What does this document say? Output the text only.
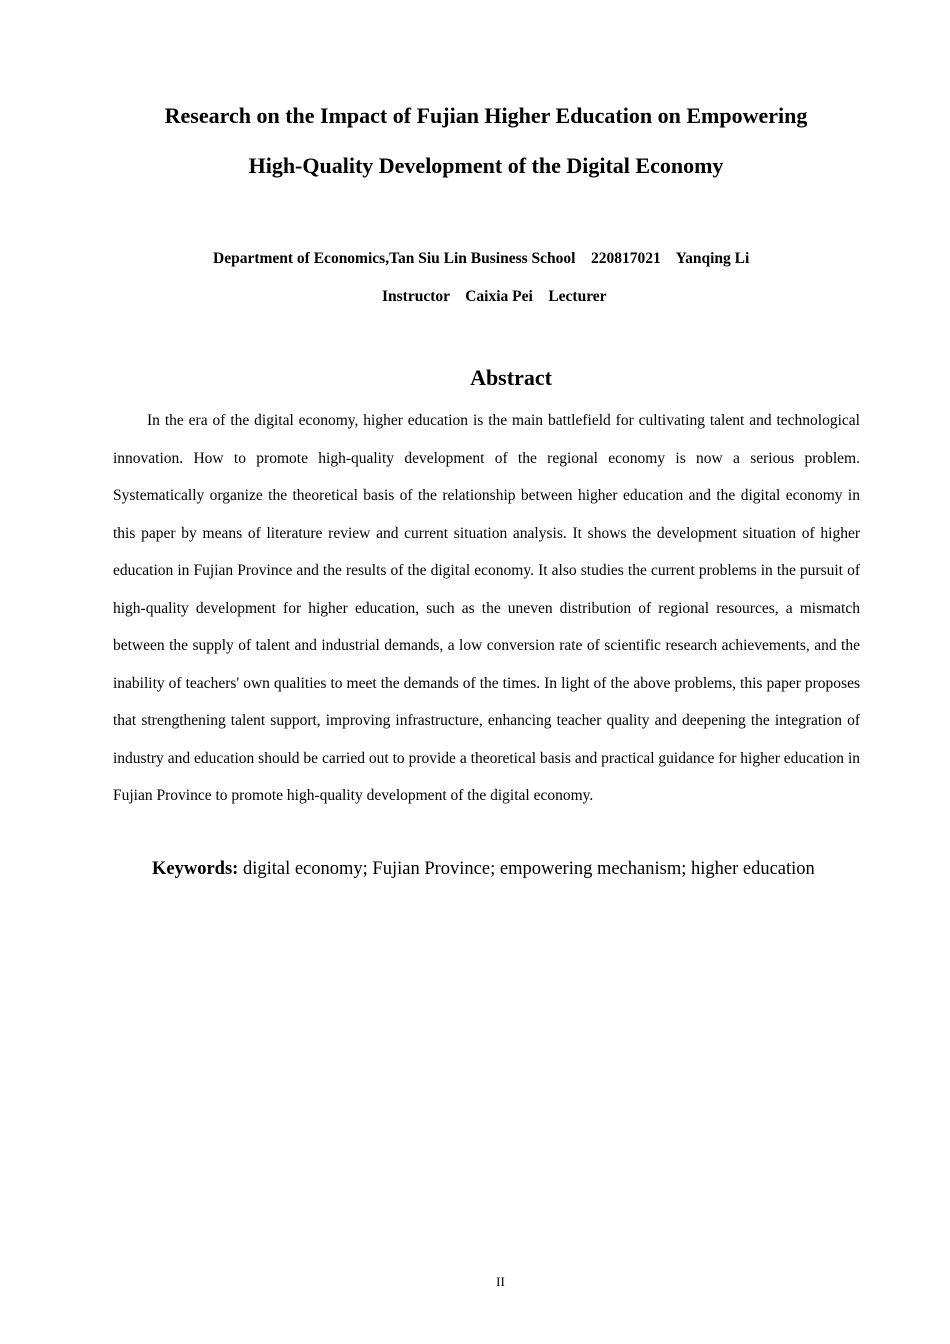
Research on the Impact of Fujian Higher Education on Empowering
High-Quality Development of the Digital Economy
Department of Economics,Tan Siu Lin Business School    220817021    Yanqing Li
Instructor    Caixia Pei    Lecturer
Abstract

In the era of the digital economy, higher education is the main battlefield for cultivating talent and technological innovation. How to promote high-quality development of the regional economy is now a serious problem. Systematically organize the theoretical basis of the relationship between higher education and the digital economy in this paper by means of literature review and current situation analysis. It shows the development situation of higher education in Fujian Province and the results of the digital economy. It also studies the current problems in the pursuit of high-quality development for higher education, such as the uneven distribution of regional resources, a mismatch between the supply of talent and industrial demands, a low conversion rate of scientific research achievements, and the inability of teachers' own qualities to meet the demands of the times. In light of the above problems, this paper proposes that strengthening talent support, improving infrastructure, enhancing teacher quality and deepening the integration of industry and education should be carried out to provide a theoretical basis and practical guidance for higher education in Fujian Province to promote high-quality development of the digital economy.

Keywords: digital economy; Fujian Province; empowering mechanism; higher education

II
